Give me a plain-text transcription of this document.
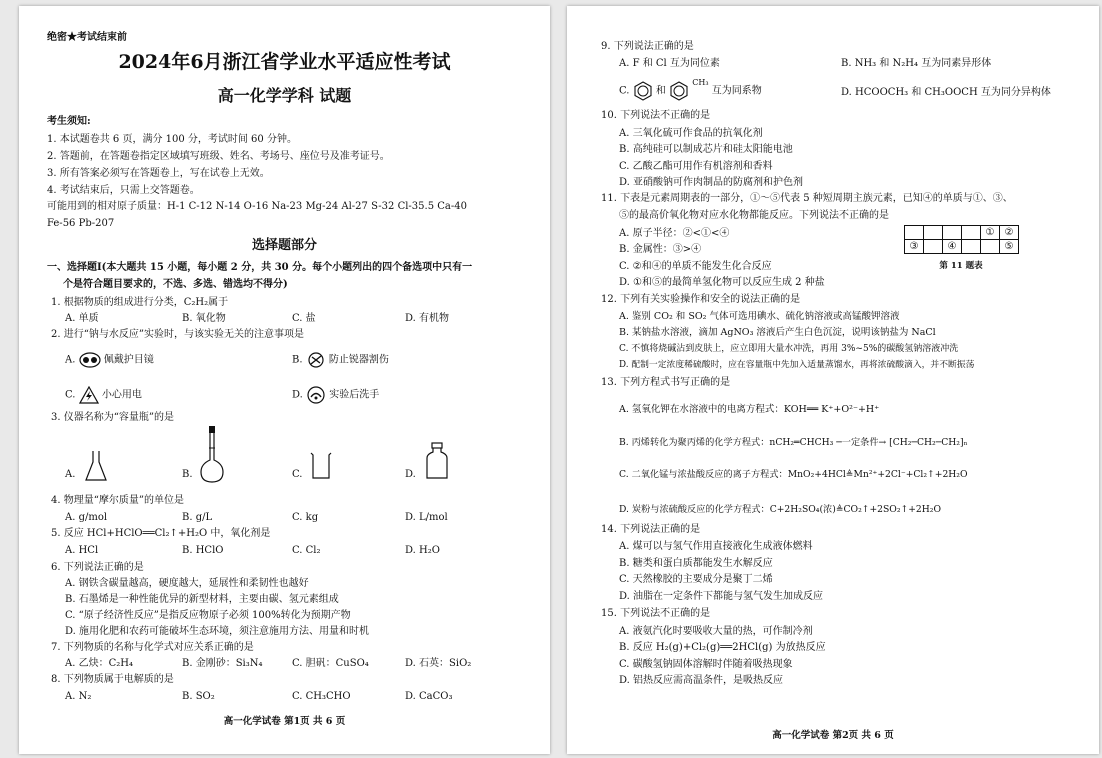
绝密★考试结束前
2024年6月浙江省学业水平适应性考试
高一化学学科 试题
考生须知:
1. 本试题卷共 6 页，满分 100 分，考试时间 60 分钟。
2. 答题前，在答题卷指定区域填写班级、姓名、考场号、座位号及准考证号。
3. 所有答案必须写在答题卷上，写在试卷上无效。
4. 考试结束后，只需上交答题卷。
可能用到的相对原子质量：H-1 C-12 N-14 O-16 Na-23 Mg-24 Al-27 S-32 Cl-35.5 Ca-40
Fe-56 Pb-207
选择题部分
一、选择题Ⅰ(本大题共 15 小题，每小题 2 分，共 30 分。每个小题列出的四个备选项中只有一
个是符合题目要求的，不选、多选、错选均不得分)
1. 根据物质的组成进行分类，C₂H₂属于
A. 单质	B. 氧化物	C. 盐	D. 有机物
2. 进行“钠与水反应”实验时，与该实验无关的注意事项是
A.	佩戴护目镜	B.	防止锐器割伤
C.	小心用电	D.	实验后洗手
3. 仪器名称为“容量瓶”的是
A.	B.	C.	D.
4. 物理量“摩尔质量”的单位是
A. g/mol	B. g/L	C. kg	D. L/mol
5. 反应 HCl+HClO══Cl₂↑+H₂O 中，氧化剂是
A. HCl	B. HClO	C. Cl₂	D. H₂O
6. 下列说法正确的是
A. 钢铁含碳量越高，硬度越大，延展性和柔韧性也越好
B. 石墨烯是一种性能优异的新型材料，主要由碳、氢元素组成
C. “原子经济性反应”是指反应物原子必须 100%转化为预期产物
D. 施用化肥和农药可能破坏生态环境，须注意施用方法、用量和时机
7. 下列物质的名称与化学式对应关系正确的是
A. 乙炔：C₂H₄	B. 金刚砂：Si₃N₄	C. 胆矾：CuSO₄	D. 石英：SiO₂
8. 下列物质属于电解质的是
A. N₂	B. SO₂	C. CH₃CHO	D. CaCO₃
高一化学试卷 第1页 共 6 页
9. 下列说法正确的是
A. F 和 Cl 互为同位素	B. NH₃ 和 N₂H₄ 互为同素异形体
C.	和  $^{CH_3}$ 互为同系物	D. HCOOCH₃ 和 CH₃OOCH 互为同分异构体
10. 下列说法不正确的是
A. 三氧化硫可作食品的抗氧化剂
B. 高纯硅可以制成芯片和硅太阳能电池
C. 乙酸乙酯可用作有机溶剂和香料
D. 亚硝酸钠可作肉制品的防腐剂和护色剂
11. 下表是元素周期表的一部分，①～⑤代表 5 种短周期主族元素，已知④的单质与①、③、
⑤的最高价氧化物对应水化物都能反应。下列说法不正确的是
A. 原子半径：②<①<④
B. 金属性：③>④
C. ②和④的单质不能发生化合反应
D. ①和⑤的最简单氢化物可以反应生成 2 种盐
				①	②
③		④			⑤
第 11 题表
12. 下列有关实验操作和安全的说法正确的是
A. 鉴别 CO₂ 和 SO₂ 气体可选用碘水、硫化钠溶液或高锰酸钾溶液
B. 某钠盐水溶液，滴加 AgNO₃ 溶液后产生白色沉淀，说明该钠盐为 NaCl
C. 不慎将烧碱沾到皮肤上，应立即用大量水冲洗，再用 3%~5%的碳酸氢钠溶液冲洗
D. 配制一定浓度稀硫酸时，应在容量瓶中先加入适量蒸馏水，再将浓硫酸滴入，并不断振荡
13. 下列方程式书写正确的是
A. 氢氧化钾在水溶液中的电离方程式：KOH══ K⁺+O²⁻+H⁺
B. 丙烯转化为聚丙烯的化学方程式：nCH₂═CHCH₃ ─一定条件→ [CH₂─CH₂─CH₂]ₙ
C. 二氧化锰与浓盐酸反应的离子方程式：MnO₂+4HCl≜Mn²⁺+2Cl⁻+Cl₂↑+2H₂O
D. 炭粉与浓硫酸反应的化学方程式：C+2H₂SO₄(浓)≜CO₂↑+2SO₂↑+2H₂O
14. 下列说法正确的是
A. 煤可以与氢气作用直接液化生成液体燃料
B. 糖类和蛋白质都能发生水解反应
C. 天然橡胶的主要成分是聚丁二烯
D. 油脂在一定条件下都能与氢气发生加成反应
15. 下列说法不正确的是
A. 液氨汽化时要吸收大量的热，可作制冷剂
B. 反应 H₂(g)+Cl₂(g)══2HCl(g) 为放热反应
C. 碳酸氢钠固体溶解时伴随着吸热现象
D. 铝热反应需高温条件，是吸热反应
高一化学试卷 第2页 共 6 页
